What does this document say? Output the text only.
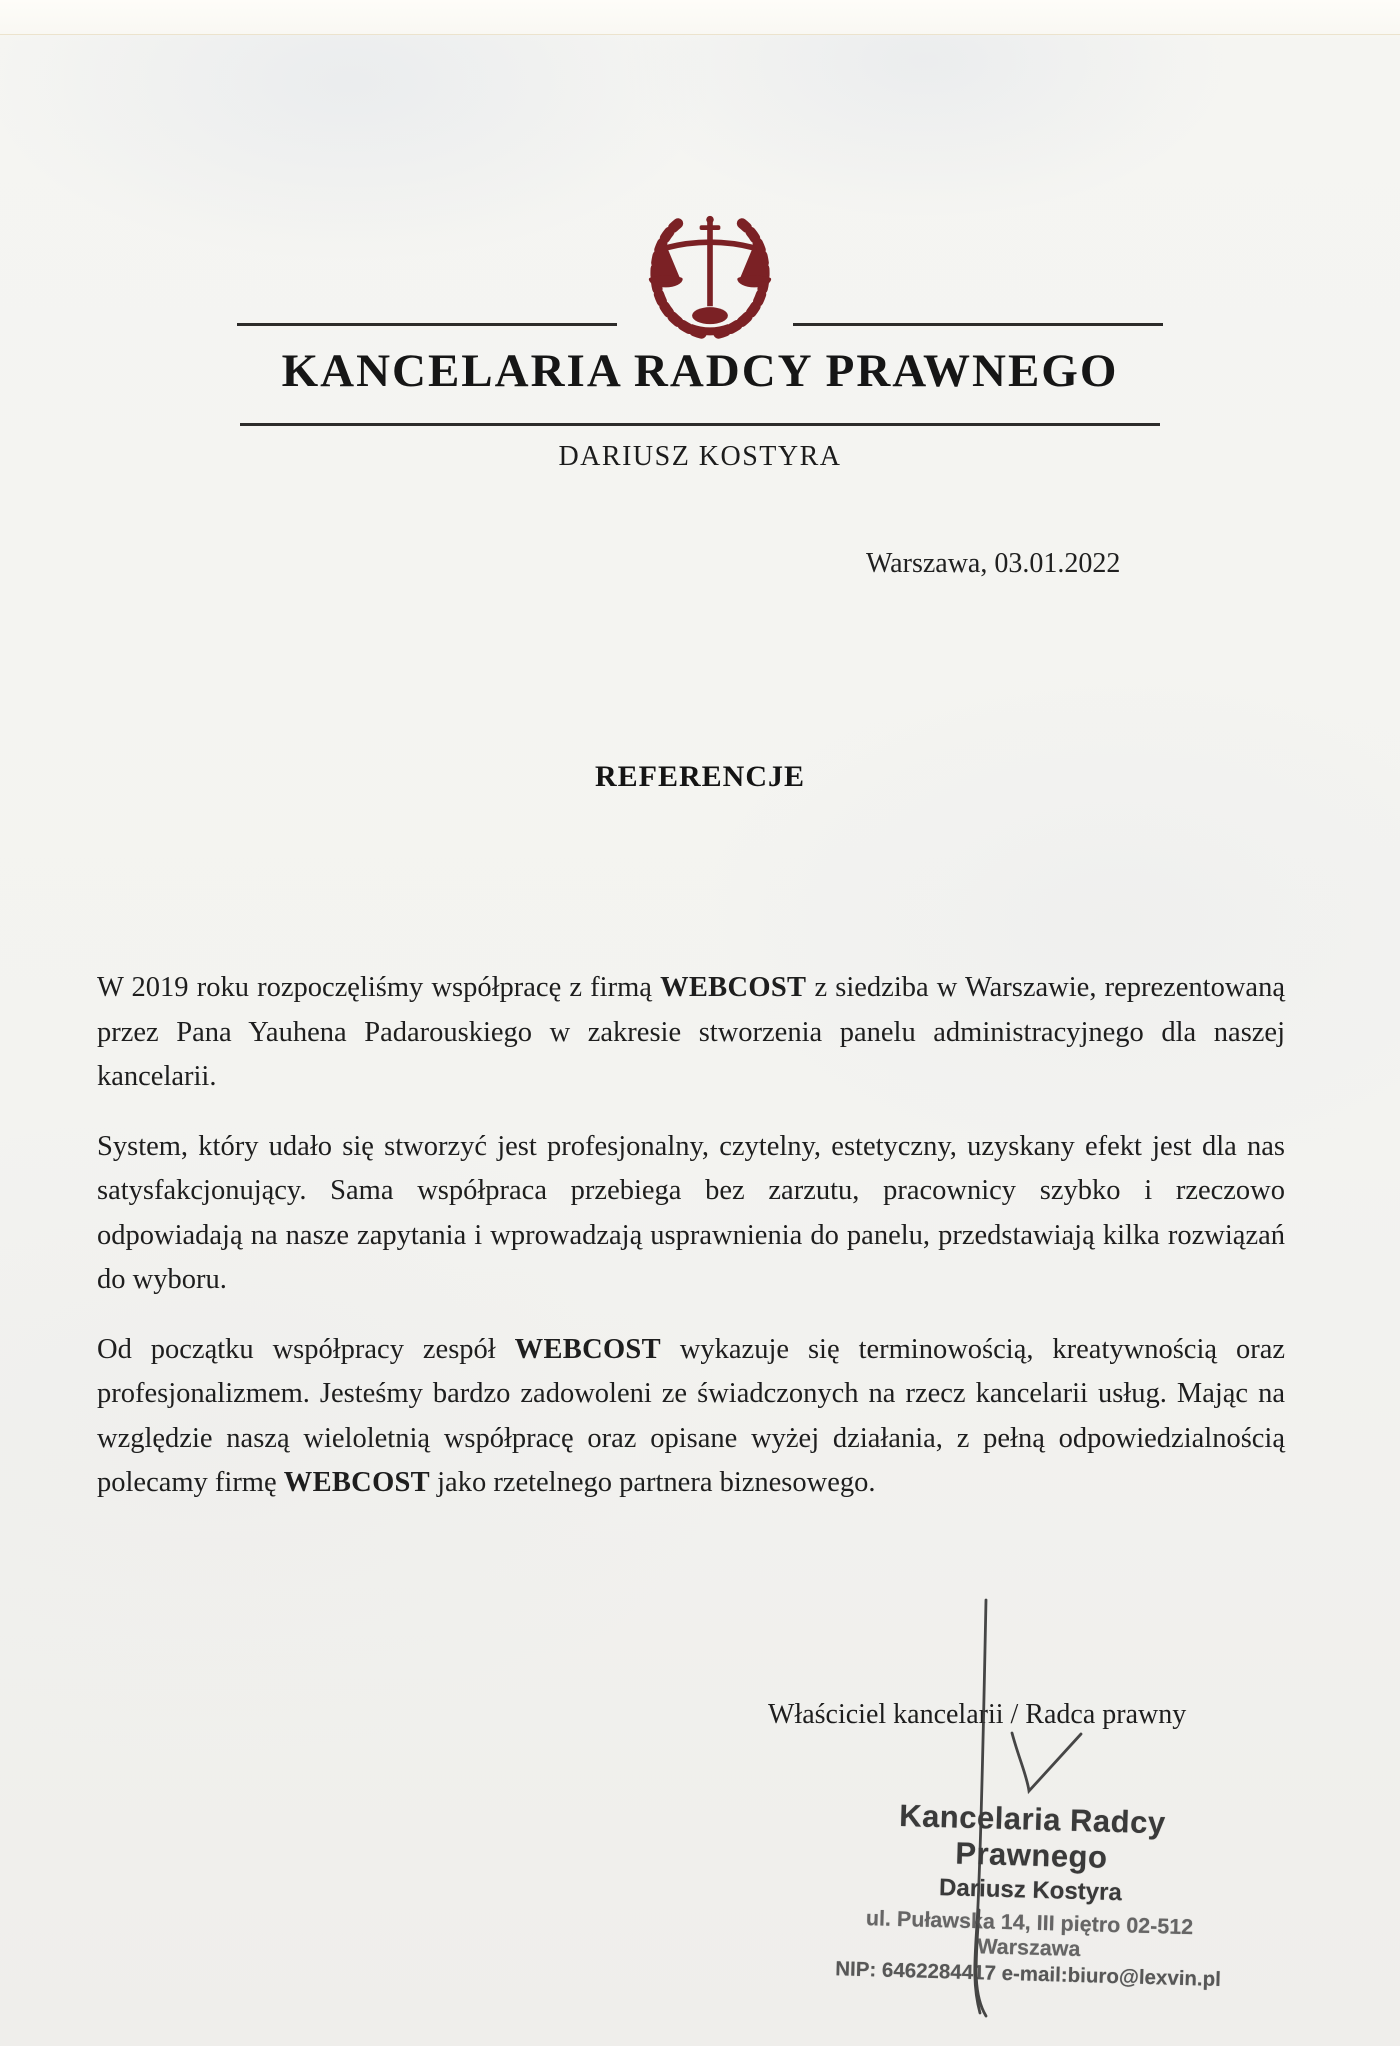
KANCELARIA RADCY PRAWNEGO
DARIUSZ KOSTYRA
Warszawa, 03.01.2022
REFERENCJE

W 2019 roku rozpoczęliśmy współpracę z firmą WEBCOST z siedziba w Warszawie, reprezentowaną przez Pana Yauhena Padarouskiego w zakresie stworzenia panelu administracyjnego dla naszej kancelarii.

System, który udało się stworzyć jest profesjonalny, czytelny, estetyczny, uzyskany efekt jest dla nas satysfakcjonujący. Sama współpraca przebiega bez zarzutu, pracownicy szybko i rzeczowo odpowiadają na nasze zapytania i wprowadzają usprawnienia do panelu, przedstawiają kilka rozwiązań do wyboru.

Od początku współpracy zespół WEBCOST wykazuje się terminowością, kreatywnością oraz profesjonalizmem. Jesteśmy bardzo zadowoleni ze świadczonych na rzecz kancelarii usług. Mając na względzie naszą wieloletnią współpracę oraz opisane wyżej działania, z pełną odpowiedzialnością polecamy firmę WEBCOST jako rzetelnego partnera biznesowego.

Właściciel kancelarii / Radca prawny
Kancelaria Radcy Prawnego
Dariusz Kostyra
ul. Puławska 14, III piętro 02-512 Warszawa
NIP: 6462284417 e-mail:biuro@lexvin.pl
